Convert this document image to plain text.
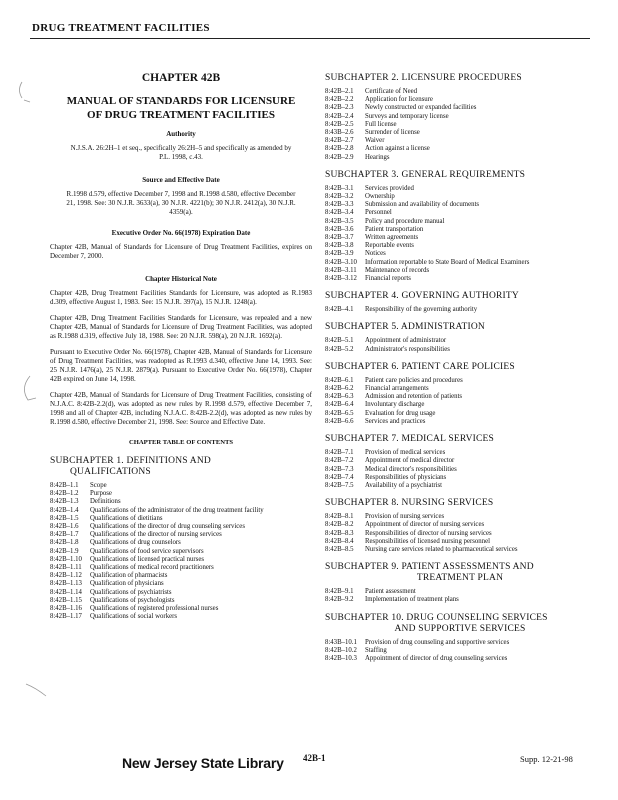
DRUG TREATMENT FACILITIES
CHAPTER 42B
MANUAL OF STANDARDS FOR LICENSURE
OF DRUG TREATMENT FACILITIES
Authority
N.J.S.A. 26:2H–1 et seq., specifically 26:2H–5 and specifically as amended by P.L. 1998, c.43.
Source and Effective Date
R.1998 d.579, effective December 7, 1998 and R.1998 d.580, effective December 21, 1998. See: 30 N.J.R. 3633(a), 30 N.J.R. 4221(b); 30 N.J.R. 2412(a), 30 N.J.R. 4359(a).
Executive Order No. 66(1978) Expiration Date
Chapter 42B, Manual of Standards for Licensure of Drug Treatment Facilities, expires on December 7, 2000.
Chapter Historical Note
Chapter 42B, Drug Treatment Facilities Standards for Licensure, was adopted as R.1983 d.309, effective August 1, 1983. See: 15 N.J.R. 397(a), 15 N.J.R. 1248(a).
Chapter 42B, Drug Treatment Facilities Standards for Licensure, was repealed and a new Chapter 42B, Manual of Standards for Licensure of Drug Treatment Facilities, was adopted as R.1988 d.319, effective July 18, 1988. See: 20 N.J.R. 598(a), 20 N.J.R. 1692(a).
Pursuant to Executive Order No. 66(1978), Chapter 42B, Manual of Standards for Licensure of Drug Treatment Facilities, was readopted as R.1993 d.340, effective June 14, 1993. See: 25 N.J.R. 1476(a), 25 N.J.R. 2879(a). Pursuant to Executive Order No. 66(1978), Chapter 42B expired on June 14, 1998.
Chapter 42B, Manual of Standards for Licensure of Drug Treatment Facilities, consisting of N.J.A.C. 8:42B-2.2(d), was adopted as new rules by R.1998 d.579, effective December 7, 1998 and all of Chapter 42B, including N.J.A.C. 8:42B-2.2(d), was adopted as new rules by R.1998 d.580, effective December 21, 1998. See: Source and Effective Date.
CHAPTER TABLE OF CONTENTS
SUBCHAPTER 1. DEFINITIONS AND
QUALIFICATIONS
8:42B–1.1	Scope
8:42B–1.2	Purpose
8:42B–1.3	Definitions
8:42B–1.4	Qualifications of the administrator of the drug treatment facility
8:42B–1.5	Qualifications of dietitians
8:42B–1.6	Qualifications of the director of drug counseling services
8:42B–1.7	Qualifications of the director of nursing services
8:42B–1.8	Qualifications of drug counselors
8:42B–1.9	Qualifications of food service supervisors
8:42B–1.10	Qualifications of licensed practical nurses
8:42B–1.11	Qualifications of medical record practitioners
8:42B–1.12	Qualification of pharmacists
8:42B–1.13	Qualification of physicians
8:42B–1.14	Qualifications of psychiatrists
8:42B–1.15	Qualifications of psychologists
8:42B–1.16	Qualifications of registered professional nurses
8:42B–1.17	Qualifications of social workers
SUBCHAPTER 2. LICENSURE PROCEDURES
8:42B–2.1	Certificate of Need
8:42B–2.2	Application for licensure
8:42B–2.3	Newly constructed or expanded facilities
8:42B–2.4	Surveys and temporary license
8:42B–2.5	Full license
8:43B–2.6	Surrender of license
8:42B–2.7	Waiver
8:42B–2.8	Action against a license
8:42B–2.9	Hearings
SUBCHAPTER 3. GENERAL REQUIREMENTS
8:42B–3.1	Services provided
8:42B–3.2	Ownership
8:42B–3.3	Submission and availability of documents
8:42B–3.4	Personnel
8:42B–3.5	Policy and procedure manual
8:42B–3.6	Patient transportation
8:42B–3.7	Written agreements
8:42B–3.8	Reportable events
8:42B–3.9	Notices
8:42B–3.10	Information reportable to State Board of Medical Examiners
8:42B–3.11	Maintenance of records
8:42B–3.12	Financial reports
SUBCHAPTER 4. GOVERNING AUTHORITY
8:42B–4.1	Responsibility of the governing authority
SUBCHAPTER 5. ADMINISTRATION
8:42B–5.1	Appointment of administrator
8:42B–5.2	Administrator's responsibilities
SUBCHAPTER 6. PATIENT CARE POLICIES
8:42B–6.1	Patient care policies and procedures
8:42B–6.2	Financial arrangements
8:42B–6.3	Admission and retention of patients
8:42B–6.4	Involuntary discharge
8:42B–6.5	Evaluation for drug usage
8:42B–6.6	Services and practices
SUBCHAPTER 7. MEDICAL SERVICES
8:42B–7.1	Provision of medical services
8:42B–7.2	Appointment of medical director
8:42B–7.3	Medical director's responsibilities
8:42B–7.4	Responsibilities of physicians
8:42B–7.5	Availability of a psychiatrist
SUBCHAPTER 8. NURSING SERVICES
8:42B–8.1	Provision of nursing services
8:42B–8.2	Appointment of director of nursing services
8:42B–8.3	Responsibilities of director of nursing services
8:42B–8.4	Responsibilities of licensed nursing personnel
8:42B–8.5	Nursing care services related to pharmaceutical services
SUBCHAPTER 9. PATIENT ASSESSMENTS AND
TREATMENT PLAN
8:42B–9.1	Patient assessment
8:42B–9.2	Implementation of treatment plans
SUBCHAPTER 10. DRUG COUNSELING SERVICES
AND SUPPORTIVE SERVICES
8:43B–10.1	Provision of drug counseling and supportive services
8:42B–10.2	Staffing
8:42B–10.3	Appointment of director of drug counseling services
New Jersey State Library 42B-1	Supp. 12-21-98
